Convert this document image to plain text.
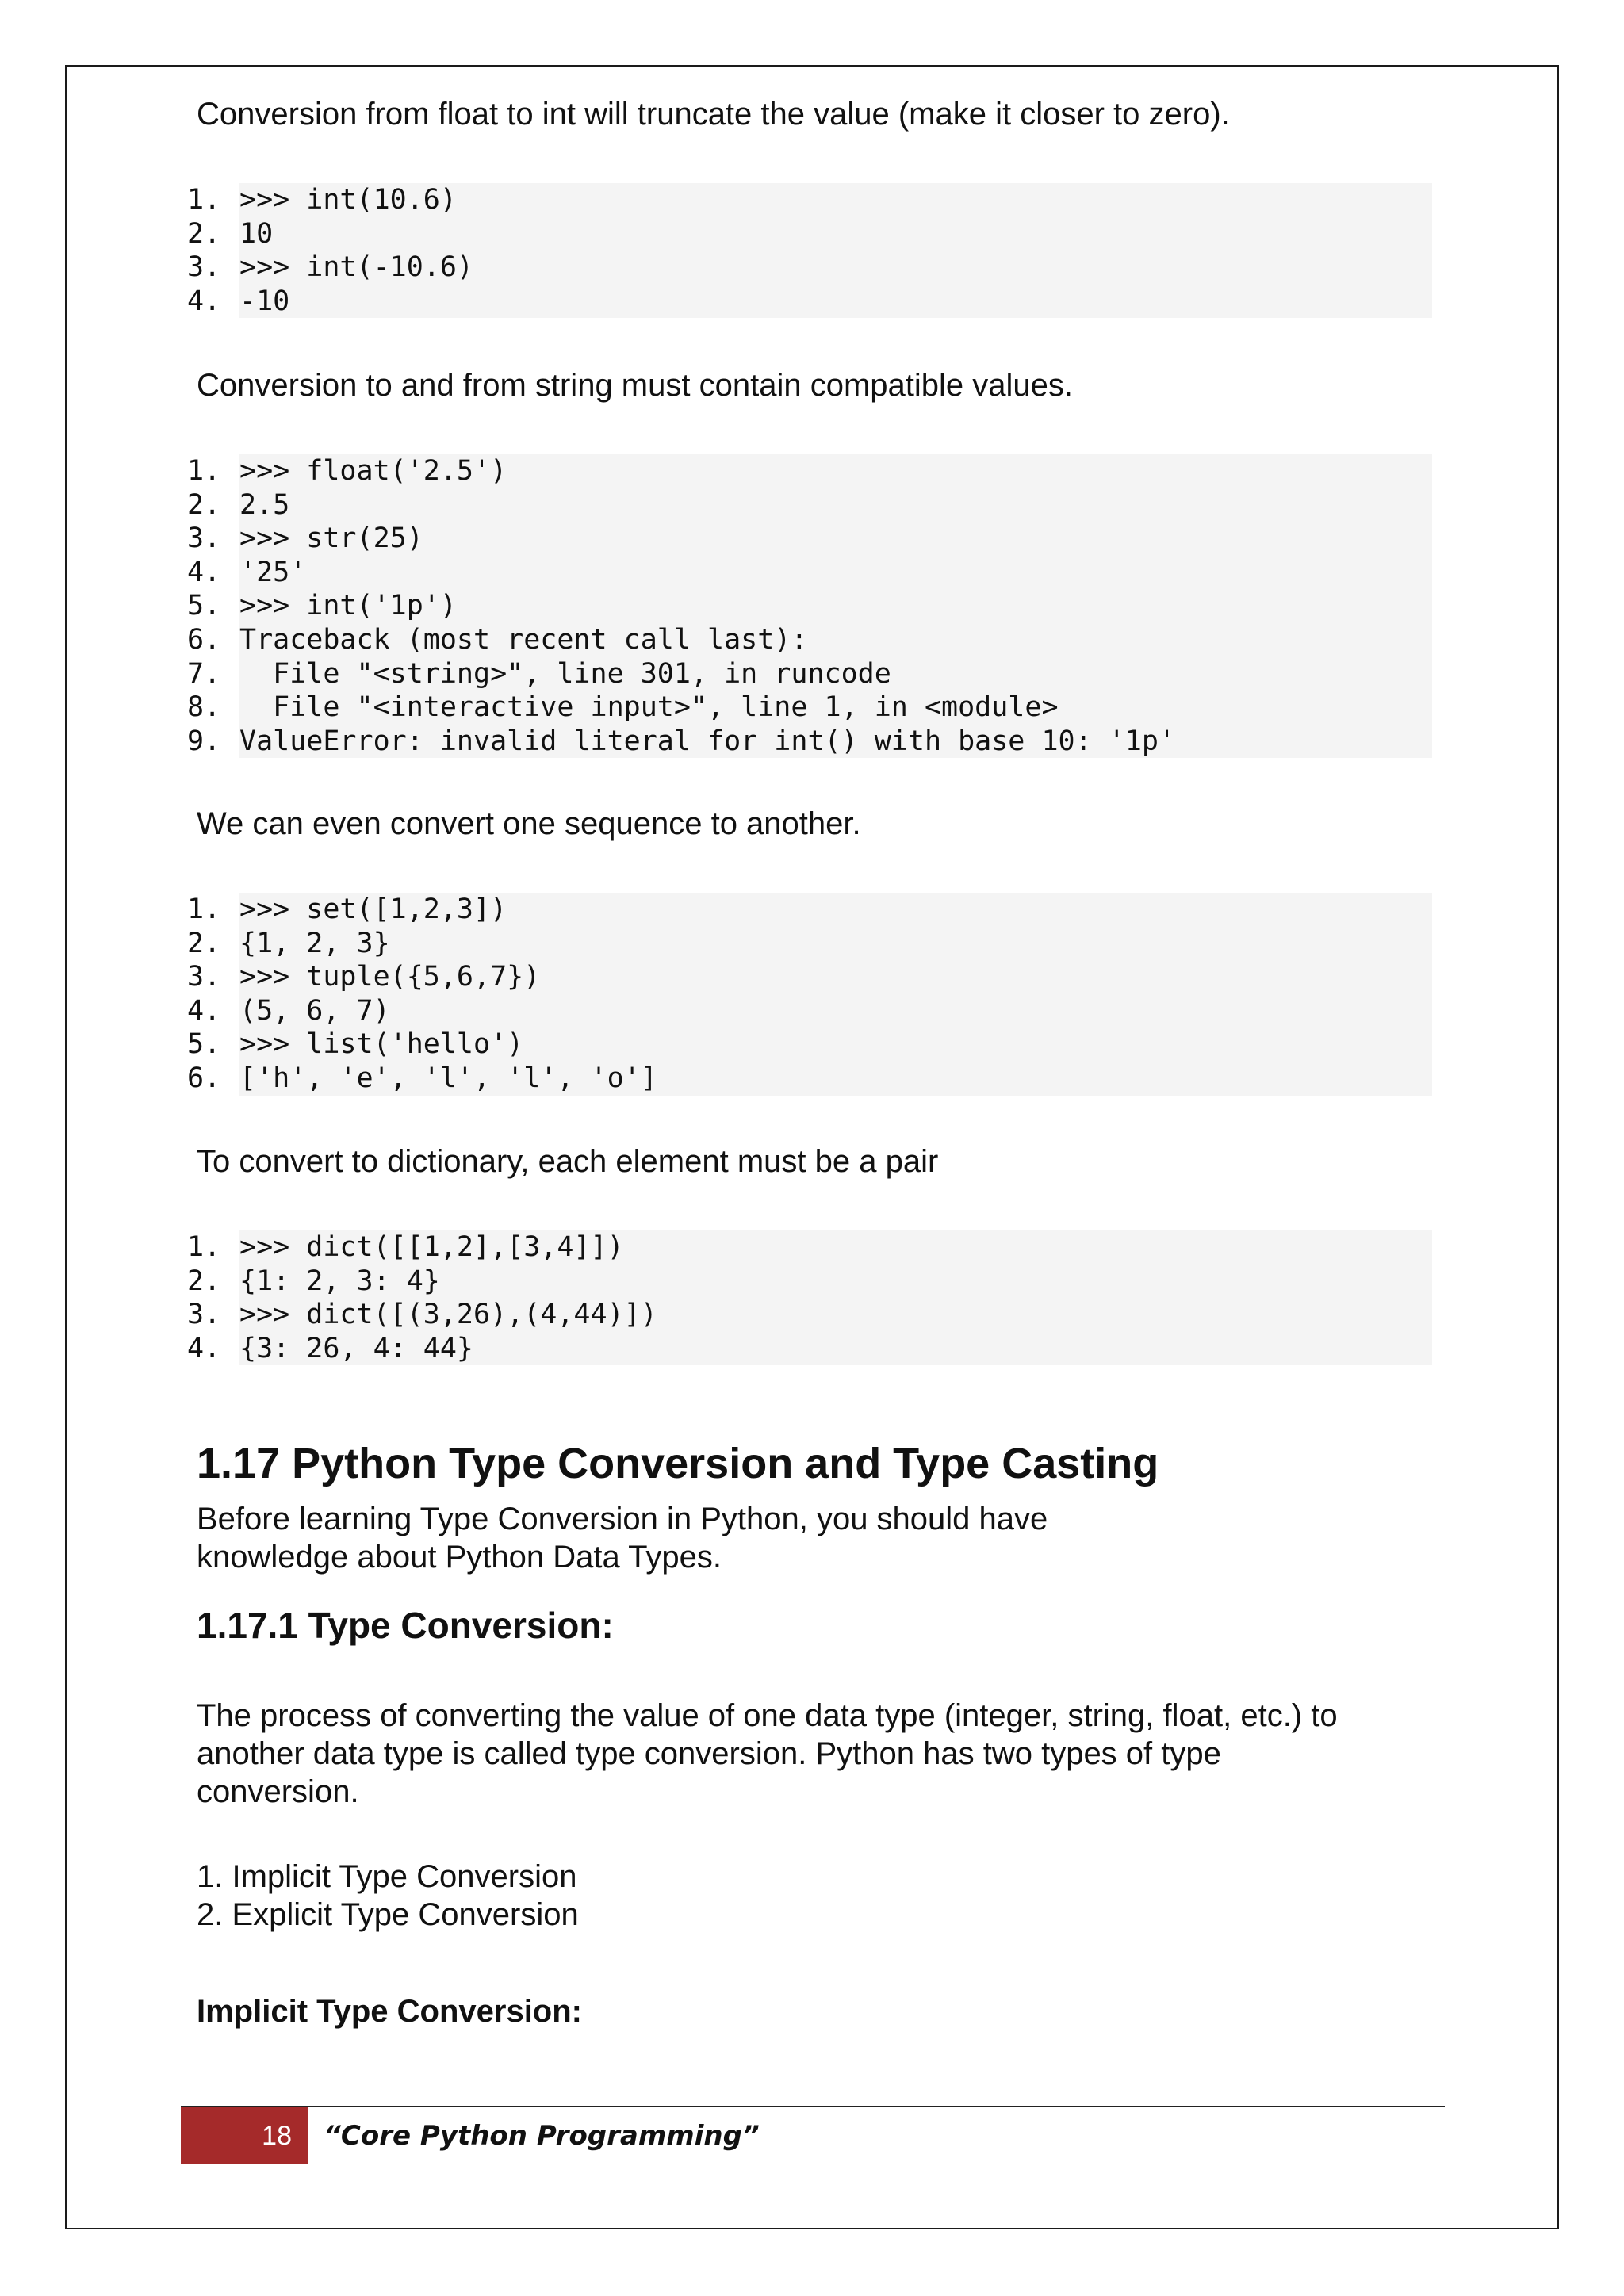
Conversion from float to int will truncate the value (make it closer to zero).

1. >>> int(10.6)
2. 10
3. >>> int(-10.6)
4. -10

Conversion to and from string must contain compatible values.

1. >>> float('2.5')
2. 2.5
3. >>> str(25)
4. '25'
5. >>> int('1p')
6. Traceback (most recent call last):
7. File "<string>", line 301, in runcode
8. File "<interactive input>", line 1, in <module>
9. ValueError: invalid literal for int() with base 10: '1p'

We can even convert one sequence to another.

1. >>> set([1,2,3])
2. {1, 2, 3}
3. >>> tuple({5,6,7})
4. (5, 6, 7)
5. >>> list('hello')
6. ['h', 'e', 'l', 'l', 'o']

To convert to dictionary, each element must be a pair

1. >>> dict([[1,2],[3,4]])
2. {1: 2, 3: 4}
3. >>> dict([(3,26),(4,44)])
4. {3: 26, 4: 44}
1.17 Python Type Conversion and Type Casting

Before learning Type Conversion in Python, you should have

knowledge about Python Data Types.

1.17.1 Type Conversion:

The process of converting the value of one data type (integer, string, float, etc.) to

another data type is called type conversion. Python has two types of type

conversion.

1. Implicit Type Conversion

2. Explicit Type Conversion

Implicit Type Conversion:
18	“Core Python Programming”
